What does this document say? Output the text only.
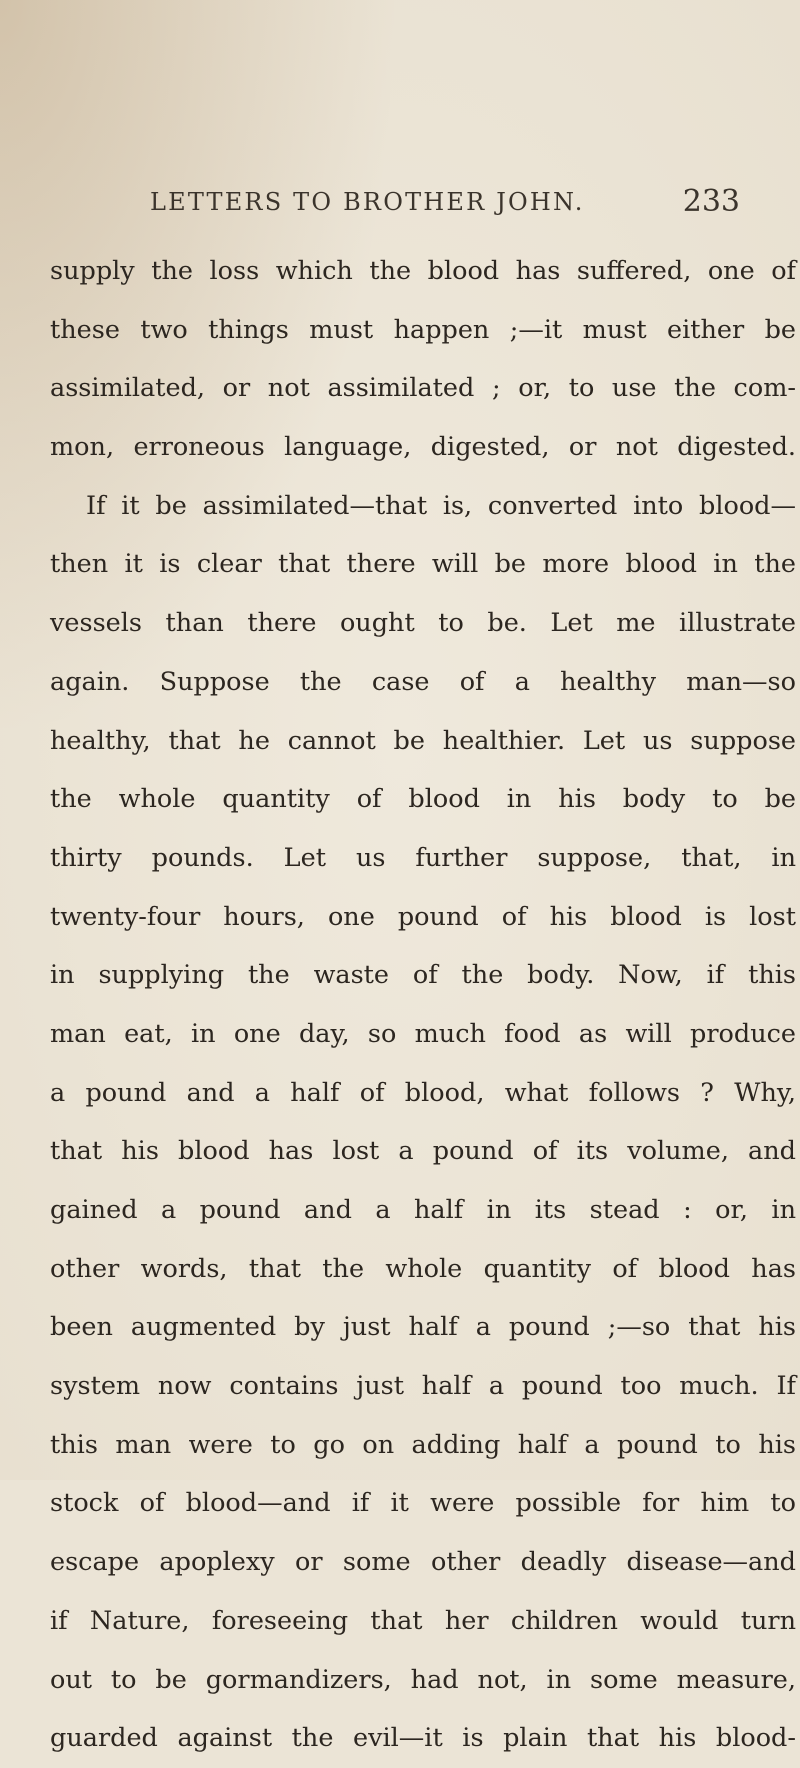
LETTERS TO BROTHER JOHN.	233
supply the loss which the blood has suffered, one of
these two things must happen ;—it must either be
assimilated, or not assimilated ; or, to use the com-
mon, erroneous language, digested, or not digested.
If it be assimilated—that is, converted into blood—
then it is clear that there will be more blood in the
vessels than there ought to be. Let me illustrate
again. Suppose the case of a healthy man—so
healthy, that he cannot be healthier. Let us suppose
the whole quantity of blood in his body to be
thirty pounds. Let us further suppose, that, in
twenty-four hours, one pound of his blood is lost
in supplying the waste of the body. Now, if this
man eat, in one day, so much food as will produce
a pound and a half of blood, what follows ? Why,
that his blood has lost a pound of its volume, and
gained a pound and a half in its stead : or, in
other words, that the whole quantity of blood has
been augmented by just half a pound ;—so that his
system now contains just half a pound too much. If
this man were to go on adding half a pound to his
stock of blood—and if it were possible for him to
escape apoplexy or some other deadly disease—and
if Nature, foreseeing that her children would turn
out to be gormandizers, had not, in some measure,
guarded against the evil—it is plain that his blood-
